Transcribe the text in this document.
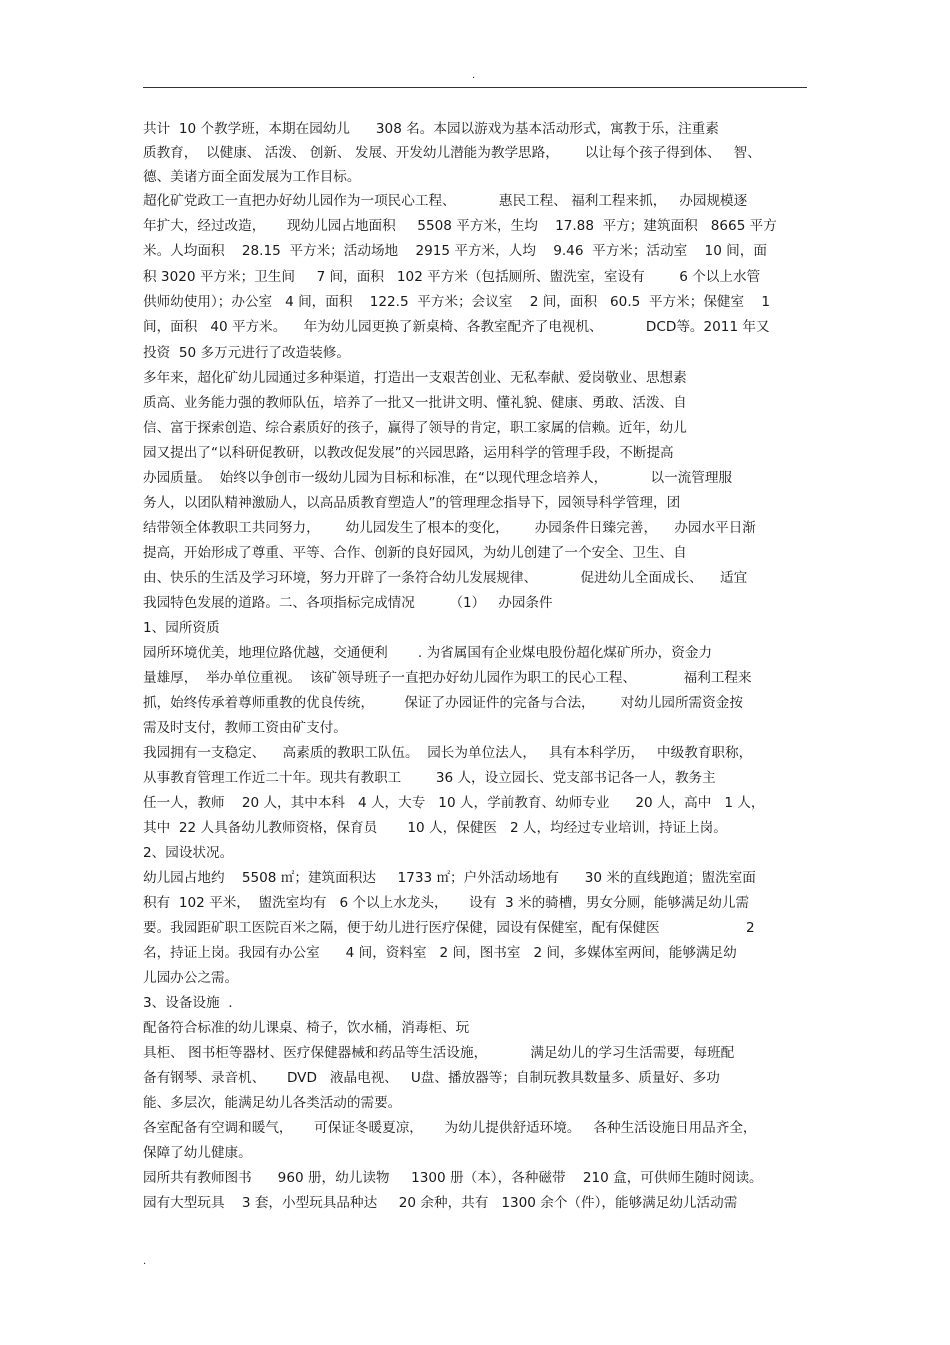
.
共计  10 个教学班，本期在园幼儿      308 名。本园以游戏为基本活动形式，寓教于乐，注重素
质教育，  以健康、 活泼、 创新、 发展、开发幼儿潜能为教学思路，      以让每个孩子得到体、   智、
德、美诸方面全面发展为工作目标。
超化矿党政工一直把办好幼儿园作为一项民心工程、          惠民工程、 福利工程来抓，   办园规模逐
年扩大，经过改造，     现幼儿园占地面积     5508 平方米，生均    17.88  平方；建筑面积   8665 平方
米。人均面积    28.15  平方米；活动场地    2915 平方米，人均    9.46  平方米；活动室    10 间，面
积 3020 平方米；卫生间     7 间，面积   102 平方米（包括厕所、盥洗室，室设有        6 个以上水管
供师幼使用）；办公室   4 间，面积    122.5  平方米；会议室    2 间，面积   60.5  平方米；保健室    1
间，面积   40 平方米。    年为幼儿园更换了新桌椅、各教室配齐了电视机、          DCD等。2011 年又
投资  50 多万元进行了改造装修。
多年来，超化矿幼儿园通过多种渠道，打造出一支艰苦创业、无私奉献、爱岗敬业、思想素
质高、业务能力强的教师队伍，培养了一批又一批讲文明、懂礼貌、健康、勇敢、活泼、自
信、富于探索创造、综合素质好的孩子，赢得了领导的肯定，职工家属的信赖。近年，幼儿
园又提出了“以科研促教研，以教改促发展”的兴园思路，运用科学的管理手段，不断提高
办园质量。  始终以争创市一级幼儿园为目标和标准，在“以现代理念培养人，          以一流管理服
务人，以团队精神激励人，以高品质教育塑造人”的管理理念指导下，园领导科学管理，团
结带领全体教职工共同努力，      幼儿园发生了根本的变化，      办园条件日臻完善，    办园水平日渐
提高，开始形成了尊重、平等、合作、创新的良好园风，为幼儿创建了一个安全、卫生、自
由、快乐的生活及学习环境，努力开辟了一条符合幼儿发展规律、          促进幼儿全面成长、    适宜
我园特色发展的道路。二、各项指标完成情况        （1）   办园条件
1、园所资质
园所环境优美，地理位路优越，交通便利       . 为省属国有企业煤电股份超化煤矿所办，资金力
量雄厚，  举办单位重视。  该矿领导班子一直把办好幼儿园作为职工的民心工程、           福利工程来
抓，始终传承着尊师重教的优良传统，       保证了办园证件的完备与合法，      对幼儿园所需资金按
需及时支付，教师工资由矿支付。
我园拥有一支稳定、    高素质的教职工队伍。  园长为单位法人，   具有本科学历，   中级教育职称，
从事教育管理工作近二十年。现共有教职工        36 人，设立园长、党支部书记各一人，教务主
任一人，教师    20 人，其中本科   4 人，大专   10 人，学前教育、幼师专业      20 人，高中   1 人，
其中  22 人具备幼儿教师资格，保育员       10 人，保健医   2 人，均经过专业培训，持证上岗。
2、园设状况。
幼儿园占地约    5508 ㎡；建筑面积达     1733 ㎡；户外活动场地有      30 米的直线跑道；盥洗室面
积有  102 平米，  盥洗室均有   6 个以上水龙头，     设有  3 米的骑槽，男女分厕，能够满足幼儿需
要。我园距矿职工医院百米之隔，便于幼儿进行医疗保健，园设有保健室，配有保健医                    2
名，持证上岗。我园有办公室      4 间，资料室   2 间，图书室   2 间，多媒体室两间，能够满足幼
儿园办公之需。
3、设备设施  .
配备符合标准的幼儿课桌、椅子，饮水桶，消毒柜、玩
具柜、 图书柜等器材、医疗保健器械和药品等生活设施，          满足幼儿的学习生活需要，每班配
备有钢琴、录音机、     DVD   液晶电视、   U盘、播放器等；自制玩教具数量多、质量好、多功
能、多层次，能满足幼儿各类活动的需要。
各室配备有空调和暖气，     可保证冬暖夏凉，     为幼儿提供舒适环境。   各种生活设施日用品齐全，
保障了幼儿健康。
园所共有教师图书      960 册，幼儿读物     1300 册（本），各种磁带    210 盒，可供师生随时阅读。
园有大型玩具    3 套，小型玩具品种达     20 余种，共有   1300 余个（件），能够满足幼儿活动需
.
